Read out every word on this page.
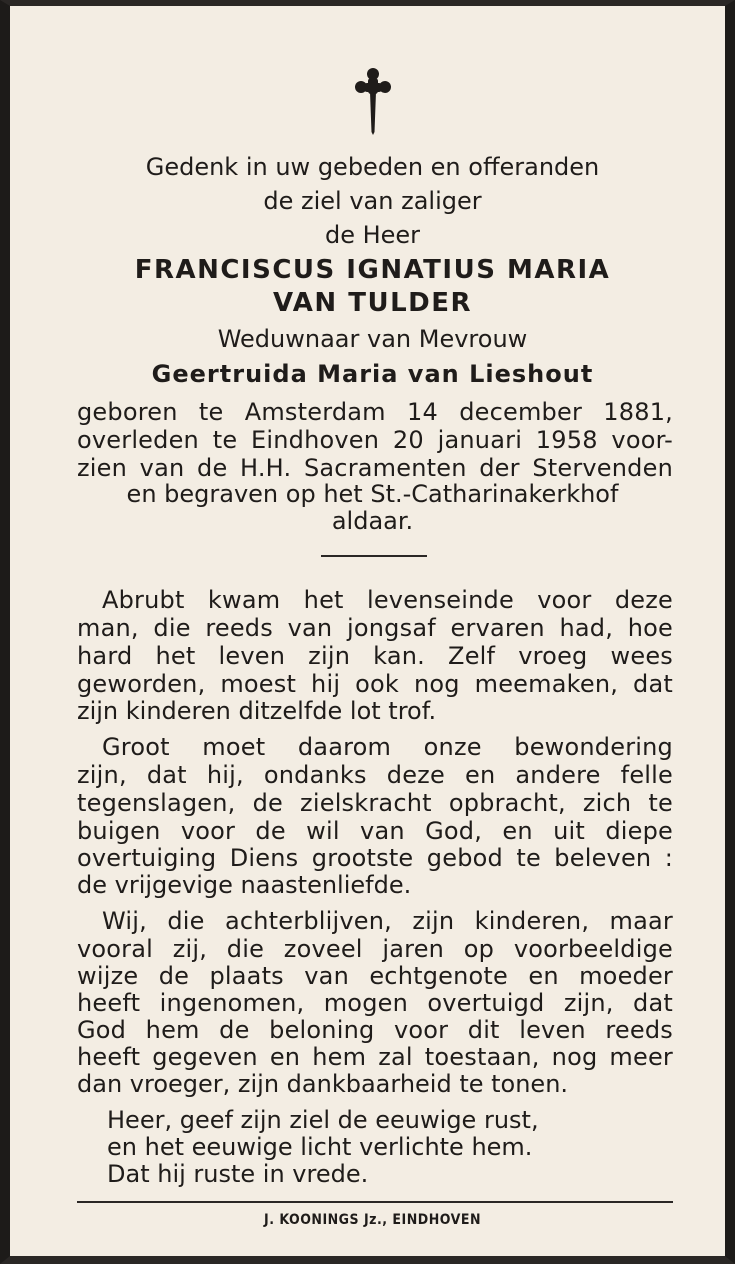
Gedenk in uw gebeden en offeranden
de ziel van zaliger
de Heer
FRANCISCUS IGNATIUS MARIA
VAN TULDER
Weduwnaar van Mevrouw
Geertruida Maria van Lieshout
geboren te Amsterdam 14 december 1881,
overleden te Eindhoven 20 januari 1958 voor-
zien van de H.H. Sacramenten der Stervenden
en begraven op het St.-Catharinakerkhof
aldaar.
Abrubt kwam het levenseinde voor deze
man, die reeds van jongsaf ervaren had, hoe
hard het leven zijn kan. Zelf vroeg wees
geworden, moest hij ook nog meemaken, dat
zijn kinderen ditzelfde lot trof.
Groot moet daarom onze bewondering
zijn, dat hij, ondanks deze en andere felle
tegenslagen, de zielskracht opbracht, zich te
buigen voor de wil van God, en uit diepe
overtuiging Diens grootste gebod te beleven :
de vrijgevige naastenliefde.
Wij, die achterblijven, zijn kinderen, maar
vooral zij, die zoveel jaren op voorbeeldige
wijze de plaats van echtgenote en moeder
heeft ingenomen, mogen overtuigd zijn, dat
God hem de beloning voor dit leven reeds
heeft gegeven en hem zal toestaan, nog meer
dan vroeger, zijn dankbaarheid te tonen.
Heer, geef zijn ziel de eeuwige rust,
en het eeuwige licht verlichte hem.
Dat hij ruste in vrede.
J. KOONINGS Jz., EINDHOVEN
